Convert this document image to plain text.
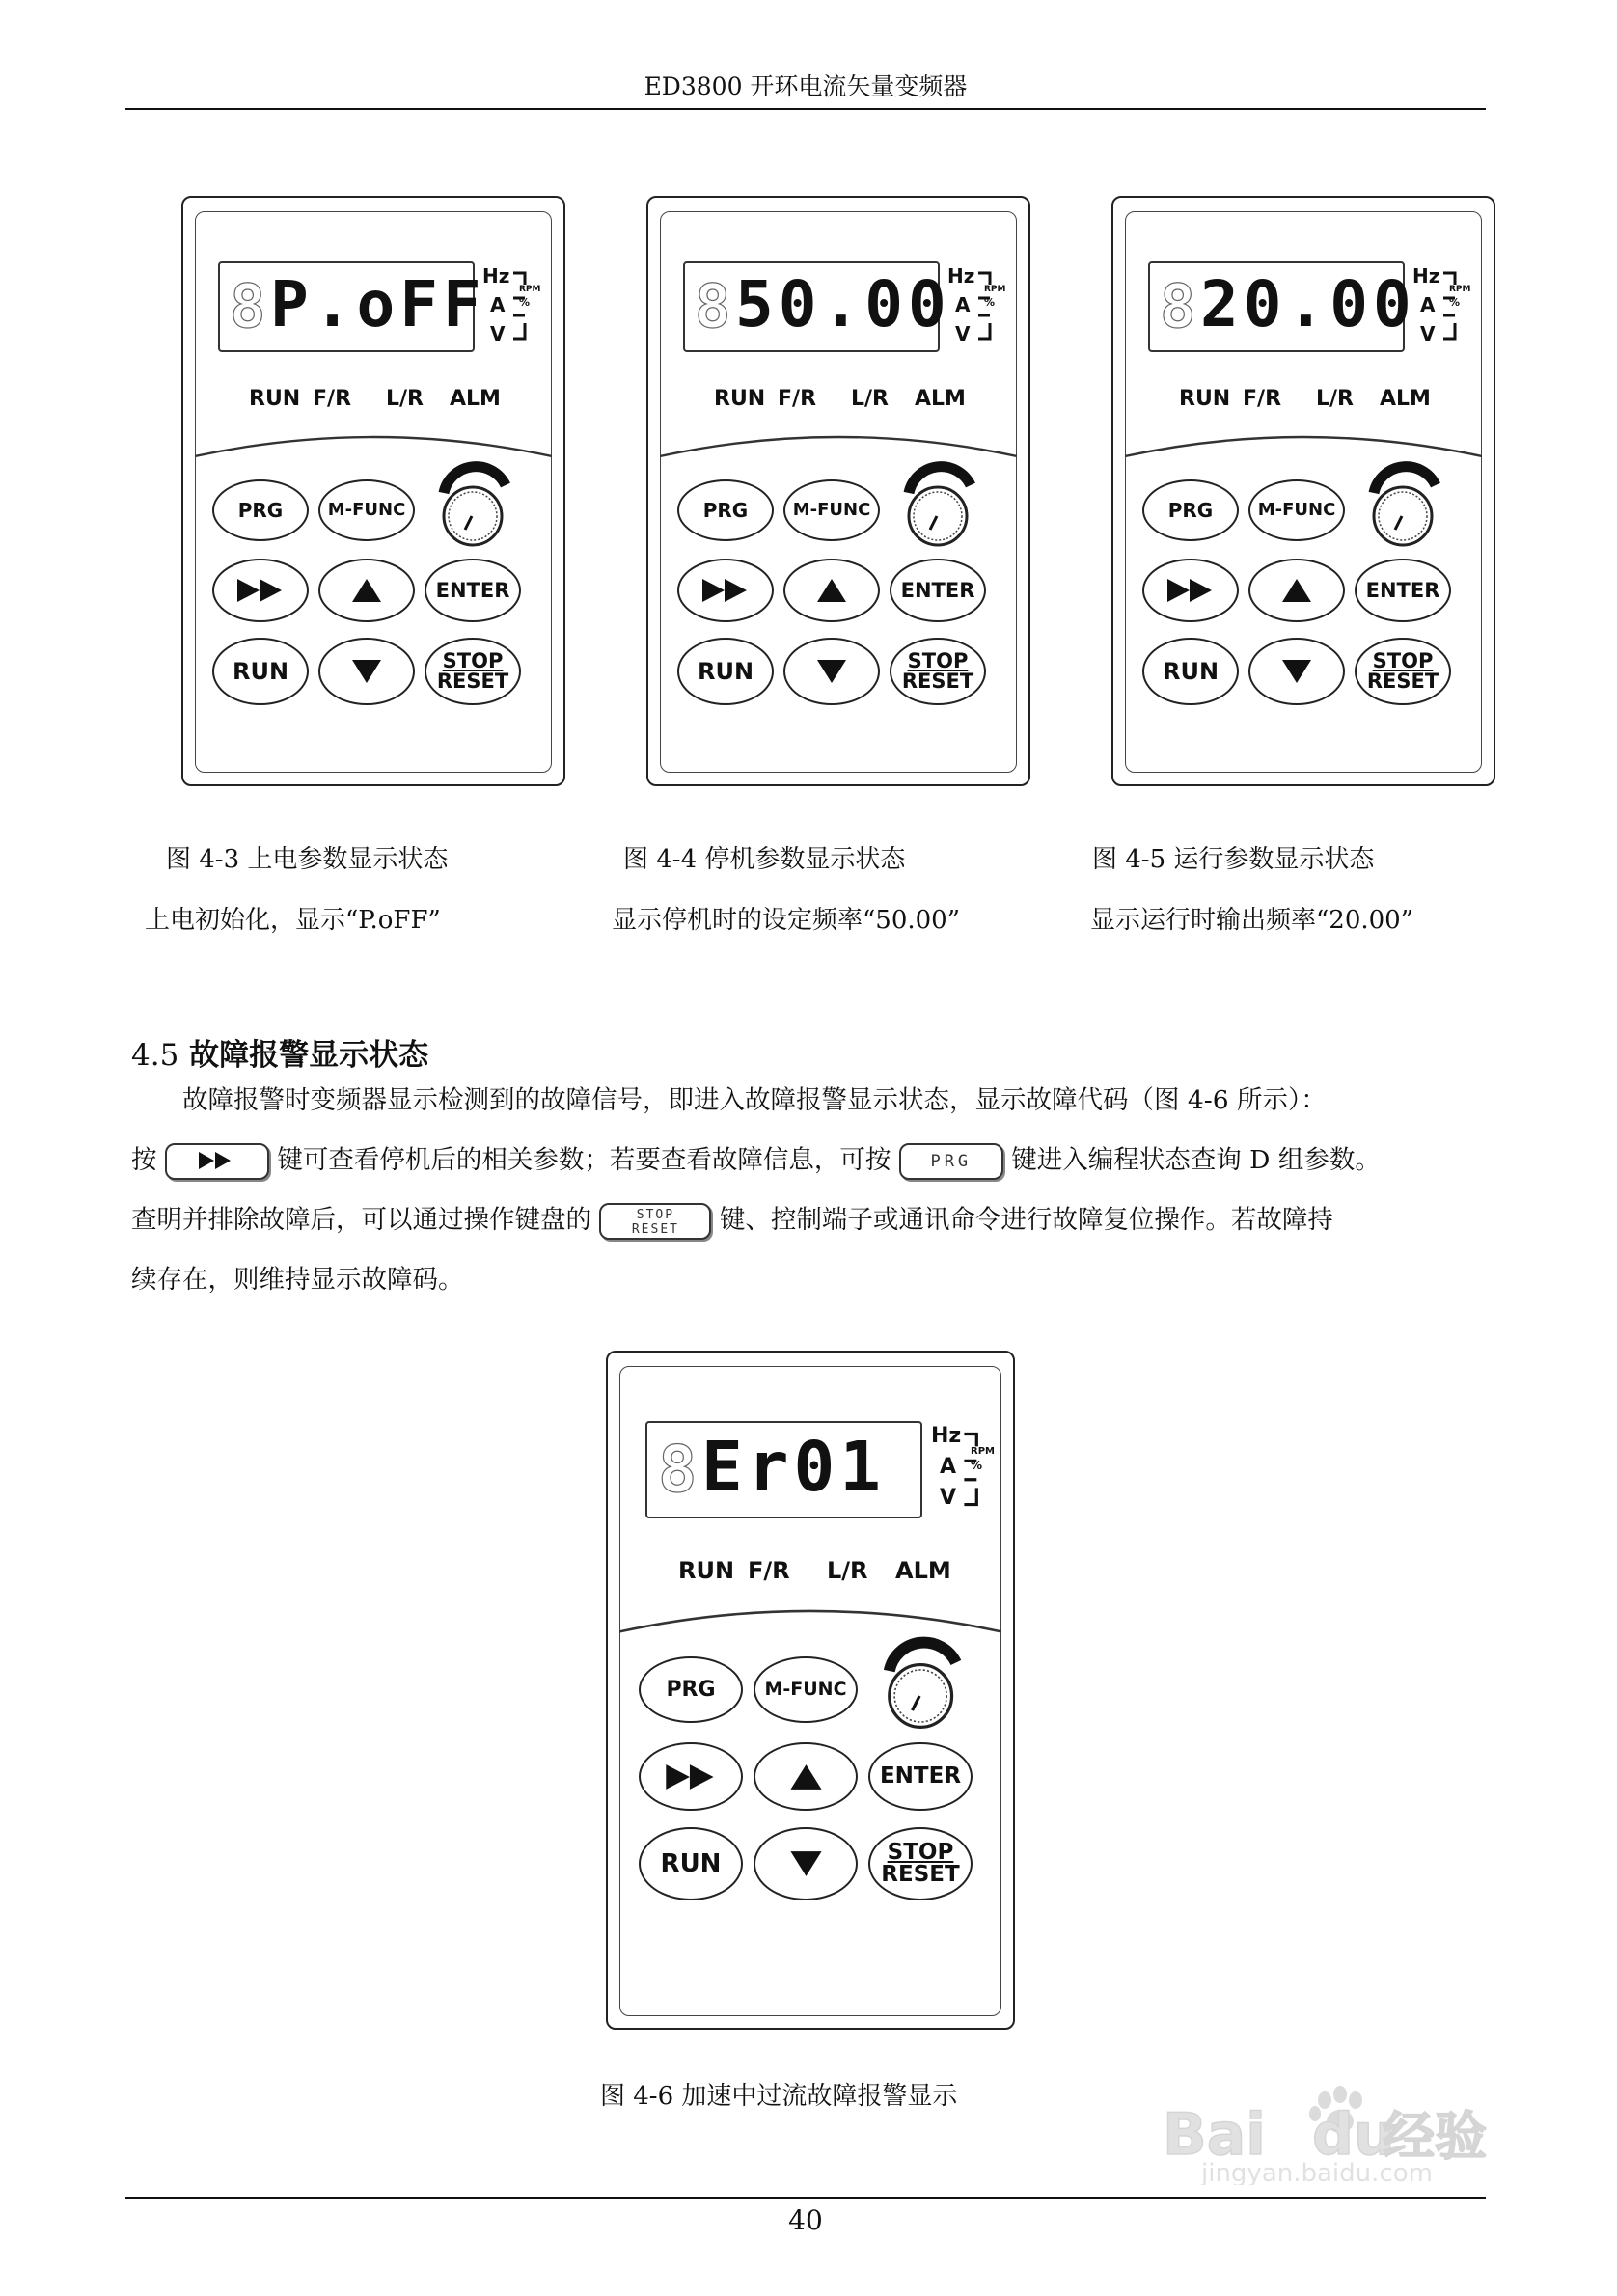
ED3800 开环电流矢量变频器
8 P.oFF
Hz
A
V
RPM
%
RUN F/R L/R ALM
PRG	M-FUNC
ENTER
RUN	STOP
RESET
8 50.00
Hz
A
V
RPM
%
RUN F/R L/R ALM
PRG	M-FUNC
ENTER
RUN	STOP
RESET
8 20.00
Hz
A
V
RPM
%
RUN F/R L/R ALM
PRG	M-FUNC
ENTER
RUN	STOP
RESET
8 Er01 Hz
A
V
RPM
%
RUN F/R L/R ALM
PRG	M-FUNC
ENTER
RUN	STOP
RESET
图 4-3 上电参数显示状态
上电初始化，显示“P.oFF”
图 4-4 停机参数显示状态
显示停机时的设定频率“50.00”
图 4-5 运行参数显示状态
显示运行时输出频率“20.00”
4.5 故障报警显示状态

故障报警时变频器显示检测到的故障信号，即进入故障报警显示状态，显示故障代码（图 4-6 所示）：

按	键可查看停机后的相关参数；若要查看故障信息，可按 PRG 键进入编程状态查询 D 组参数。

查明并排除故障后，可以通过操作键盘的	STOP
RESET	键、控制端子或通讯命令进行故障复位操作。若故障持

续存在，则维持显示故障码。

图 4-6 加速中过流故障报警显示
40
Bai du
经验
jingyan.baidu.com
